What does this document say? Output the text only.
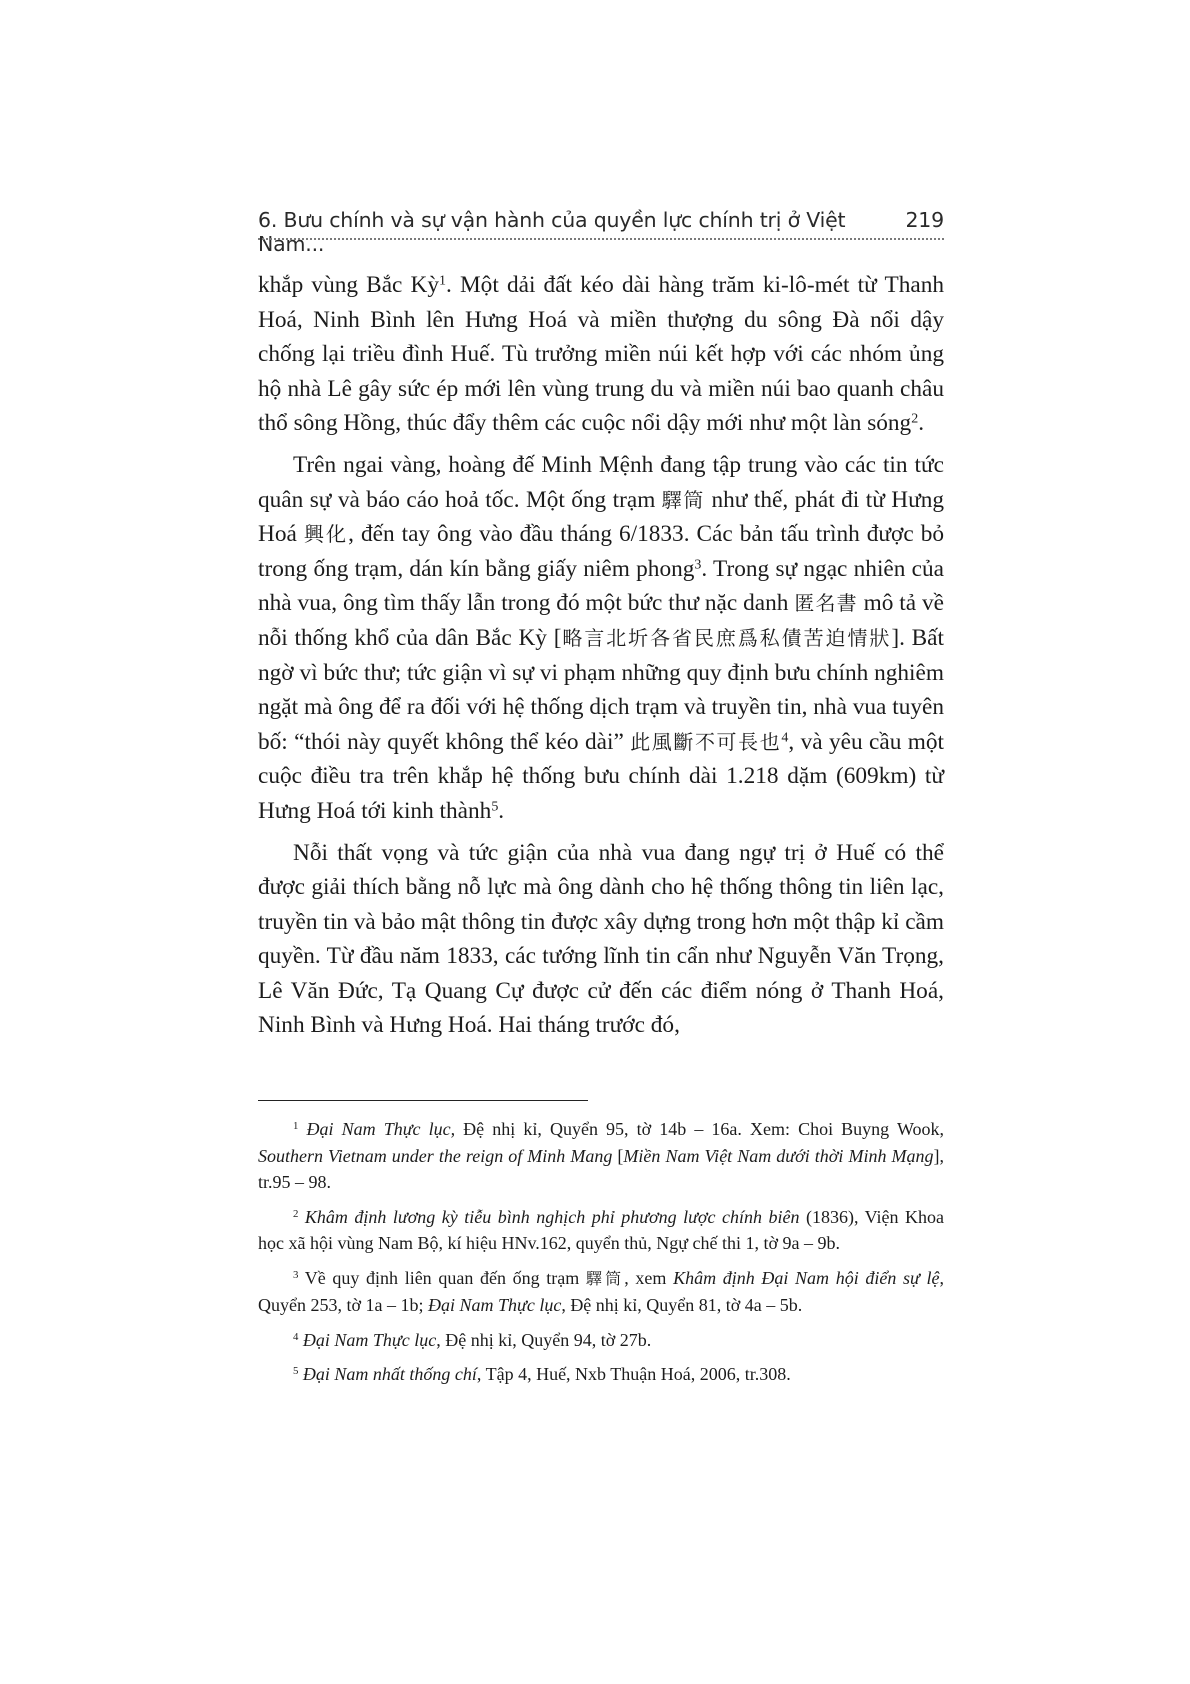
6. Bưu chính và sự vận hành của quyền lực chính trị ở Việt Nam...
219

khắp vùng Bắc Kỳ$^1$. Một dải đất kéo dài hàng trăm ki-lô-mét từ Thanh Hoá, Ninh Bình lên Hưng Hoá và miền thượng du sông Đà nổi dậy chống lại triều đình Huế. Tù trưởng miền núi kết hợp với các nhóm ủng hộ nhà Lê gây sức ép mới lên vùng trung du và miền núi bao quanh châu thổ sông Hồng, thúc đẩy thêm các cuộc nổi dậy mới như một làn sóng$^2$.

Trên ngai vàng, hoàng đế Minh Mệnh đang tập trung vào các tin tức quân sự và báo cáo hoả tốc. Một ống trạm 驛筒 như thế, phát đi từ Hưng Hoá 興化, đến tay ông vào đầu tháng 6/1833. Các bản tấu trình được bỏ trong ống trạm, dán kín bằng giấy niêm phong$^3$. Trong sự ngạc nhiên của nhà vua, ông tìm thấy lẫn trong đó một bức thư nặc danh 匿名書 mô tả về nỗi thống khổ của dân Bắc Kỳ [略言北圻各省民庶爲私債苦迫情狀]. Bất ngờ vì bức thư; tức giận vì sự vi phạm những quy định bưu chính nghiêm ngặt mà ông để ra đối với hệ thống dịch trạm và truyền tin, nhà vua tuyên bố: “thói này quyết không thể kéo dài” 此風斷不可長也$^4$, và yêu cầu một cuộc điều tra trên khắp hệ thống bưu chính dài 1.218 dặm (609km) từ Hưng Hoá tới kinh thành$^5$.

Nỗi thất vọng và tức giận của nhà vua đang ngự trị ở Huế có thể được giải thích bằng nỗ lực mà ông dành cho hệ thống thông tin liên lạc, truyền tin và bảo mật thông tin được xây dựng trong hơn một thập kỉ cầm quyền. Từ đầu năm 1833, các tướng lĩnh tin cẩn như Nguyễn Văn Trọng, Lê Văn Đức, Tạ Quang Cự được cử đến các điểm nóng ở Thanh Hoá, Ninh Bình và Hưng Hoá. Hai tháng trước đó,

$^1$ Đại Nam Thực lục, Đệ nhị kỉ, Quyển 95, tờ 14b – 16a. Xem: Choi Buyng Wook, Southern Vietnam under the reign of Minh Mang [Miền Nam Việt Nam dưới thời Minh Mạng], tr.95 – 98.

$^2$ Khâm định lương kỳ tiễu bình nghịch phỉ phương lược chính biên (1836), Viện Khoa học xã hội vùng Nam Bộ, kí hiệu HNv.162, quyển thủ, Ngự chế thi 1, tờ 9a – 9b.

$^3$ Về quy định liên quan đến ống trạm 驛筒, xem Khâm định Đại Nam hội điển sự lệ, Quyển 253, tờ 1a – 1b; Đại Nam Thực lục, Đệ nhị kỉ, Quyển 81, tờ 4a – 5b.

$^4$ Đại Nam Thực lục, Đệ nhị kỉ, Quyển 94, tờ 27b.

$^5$ Đại Nam nhất thống chí, Tập 4, Huế, Nxb Thuận Hoá, 2006, tr.308.
